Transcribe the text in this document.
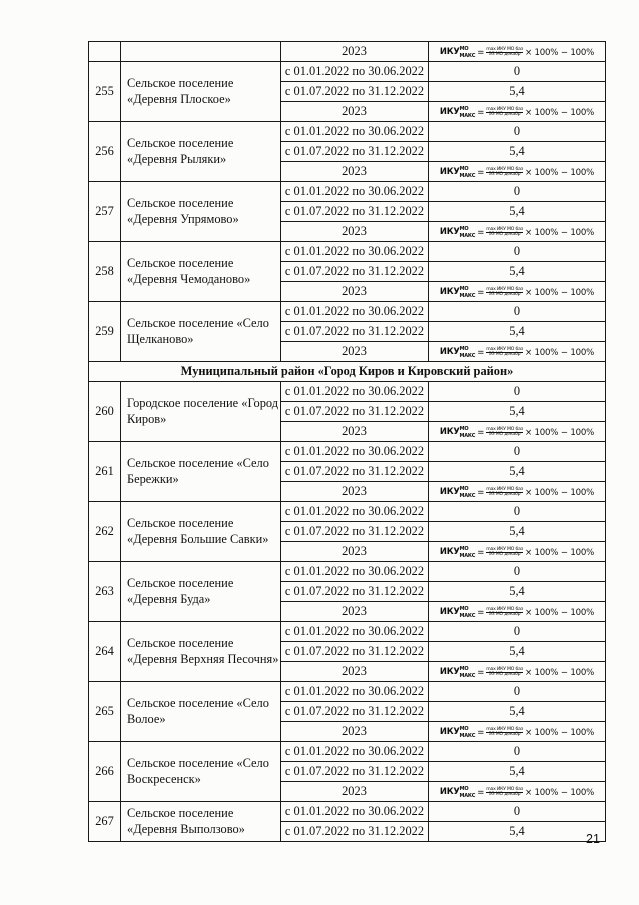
		2023	$ИКУ^{МО}_{МАКС} = \frac{\text{max ИКУ МО баз}}{\text{ЭЗ МО декабр}} \times 100\% - 100\%$

255	Сельское поселение «Деревня Плоское»	с 01.01.2022 по 30.06.2022	0
		с 01.07.2022 по 31.12.2022	5,4
		2023	$ИКУ^{МО}_{МАКС} = \frac{\text{max ИКУ МО баз}}{\text{ЭЗ МО декабр}} \times 100\% - 100\%$

256	Сельское поселение «Деревня Рыляки»	с 01.01.2022 по 30.06.2022	0
		с 01.07.2022 по 31.12.2022	5,4
		2023	$ИКУ^{МО}_{МАКС} = \frac{\text{max ИКУ МО баз}}{\text{ЭЗ МО декабр}} \times 100\% - 100\%$

257	Сельское поселение «Деревня Упрямово»	с 01.01.2022 по 30.06.2022	0
		с 01.07.2022 по 31.12.2022	5,4
		2023	$ИКУ^{МО}_{МАКС} = \frac{\text{max ИКУ МО баз}}{\text{ЭЗ МО декабр}} \times 100\% - 100\%$

258	Сельское поселение «Деревня Чемоданово»	с 01.01.2022 по 30.06.2022	0
		с 01.07.2022 по 31.12.2022	5,4
		2023	$ИКУ^{МО}_{МАКС} = \frac{\text{max ИКУ МО баз}}{\text{ЭЗ МО декабр}} \times 100\% - 100\%$

259	Сельское поселение «Село Щелканово»	с 01.01.2022 по 30.06.2022	0
		с 01.07.2022 по 31.12.2022	5,4
		2023	$ИКУ^{МО}_{МАКС} = \frac{\text{max ИКУ МО баз}}{\text{ЭЗ МО декабр}} \times 100\% - 100\%$

Муниципальный район «Город Киров и Кировский район»			
260	Городское поселение «Город Киров»	с 01.01.2022 по 30.06.2022	0
		с 01.07.2022 по 31.12.2022	5,4
		2023	$ИКУ^{МО}_{МАКС} = \frac{\text{max ИКУ МО баз}}{\text{ЭЗ МО декабр}} \times 100\% - 100\%$

261	Сельское поселение «Село Бережки»	с 01.01.2022 по 30.06.2022	0
		с 01.07.2022 по 31.12.2022	5,4
		2023	$ИКУ^{МО}_{МАКС} = \frac{\text{max ИКУ МО баз}}{\text{ЭЗ МО декабр}} \times 100\% - 100\%$

262	Сельское поселение «Деревня Большие Савки»	с 01.01.2022 по 30.06.2022	0
		с 01.07.2022 по 31.12.2022	5,4
		2023	$ИКУ^{МО}_{МАКС} = \frac{\text{max ИКУ МО баз}}{\text{ЭЗ МО декабр}} \times 100\% - 100\%$

263	Сельское поселение «Деревня Буда»	с 01.01.2022 по 30.06.2022	0
		с 01.07.2022 по 31.12.2022	5,4
		2023	$ИКУ^{МО}_{МАКС} = \frac{\text{max ИКУ МО баз}}{\text{ЭЗ МО декабр}} \times 100\% - 100\%$

264	Сельское поселение «Деревня Верхняя Песочня»	с 01.01.2022 по 30.06.2022	0
		с 01.07.2022 по 31.12.2022	5,4
		2023	$ИКУ^{МО}_{МАКС} = \frac{\text{max ИКУ МО баз}}{\text{ЭЗ МО декабр}} \times 100\% - 100\%$

265	Сельское поселение «Село Волое»	с 01.01.2022 по 30.06.2022	0
		с 01.07.2022 по 31.12.2022	5,4
		2023	$ИКУ^{МО}_{МАКС} = \frac{\text{max ИКУ МО баз}}{\text{ЭЗ МО декабр}} \times 100\% - 100\%$

266	Сельское поселение «Село Воскресенск»	с 01.01.2022 по 30.06.2022	0
		с 01.07.2022 по 31.12.2022	5,4
		2023	$ИКУ^{МО}_{МАКС} = \frac{\text{max ИКУ МО баз}}{\text{ЭЗ МО декабр}} \times 100\% - 100\%$

267	Сельское поселение «Деревня Выползово»	с 01.01.2022 по 30.06.2022	0
		с 01.07.2022 по 31.12.2022	5,4
21
